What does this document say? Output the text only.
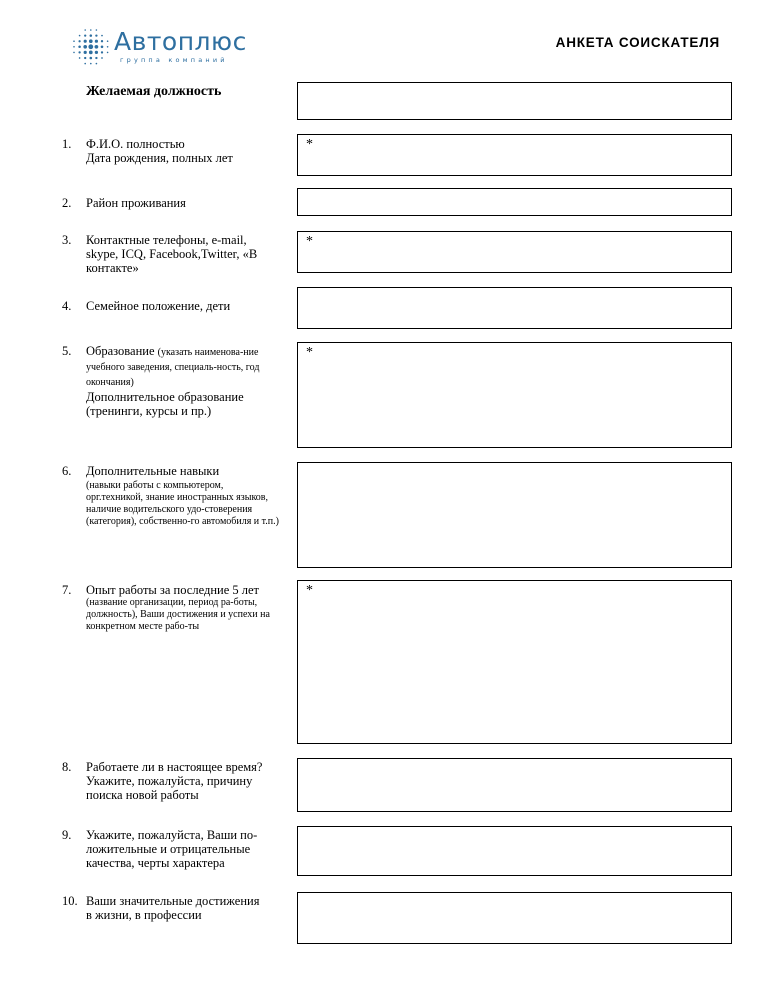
Автоплюс
группа компаний
АНКЕТА СОИСКАТЕЛЯ
Желаемая должность
1.	Ф.И.О. полностью
Дата рождения, полных лет
*
2.	Район проживания
3.	Контактные телефоны, e-mail,
skype, ICQ, Facebook,Twitter, «В
контакте»
*
4.	Семейное положение, дети
5.	Образование (указать наименова-ние учебного заведения, специаль-ность, год окончания)
Дополнительное образование (тренинги, курсы и пр.)
*
6.	Дополнительные навыки
(навыки работы с компьютером, орг.техникой, знание иностранных языков, наличие водительского удо-стоверения (категория), собственно-го автомобиля и т.п.)
7.	Опыт работы за последние 5 лет
(название организации, период ра-боты, должность), Ваши достижения и успехи на конкретном месте рабо-ты
*
8.	Работаете ли в настоящее время?
Укажите, пожалуйста, причину
поиска новой работы
9.	Укажите, пожалуйста, Ваши по-
ложительные и отрицательные
качества, черты характера
10. Ваши значительные достижения
в жизни, в профессии
